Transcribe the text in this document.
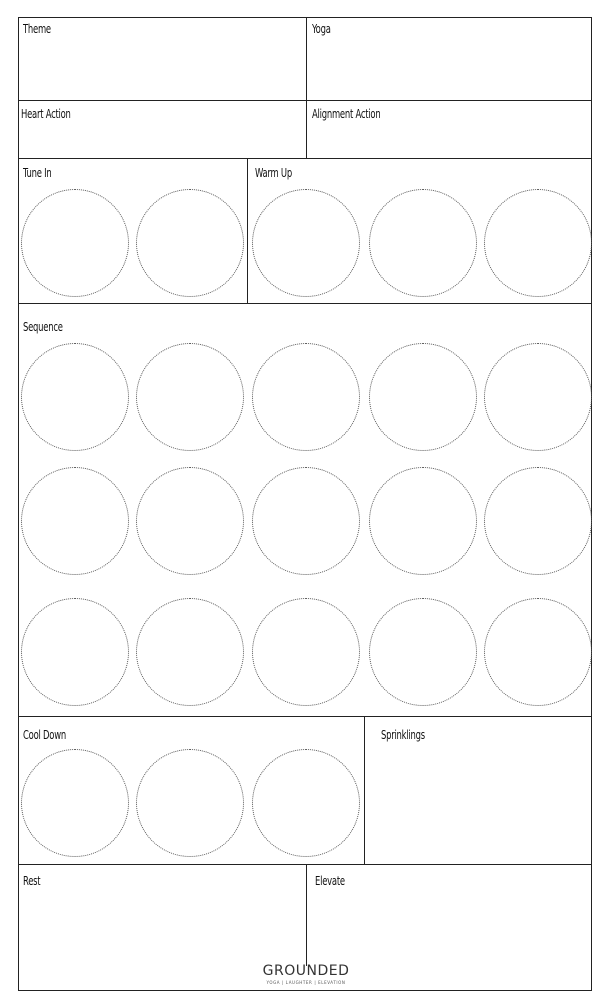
Theme	Yoga
Heart Action	Alignment Action
Tune In	Warm Up
Sequence
Cool Down	Sprinklings
Rest	Elevate
GROUNDED
YOGA | LAUGHTER | ELEVATION
